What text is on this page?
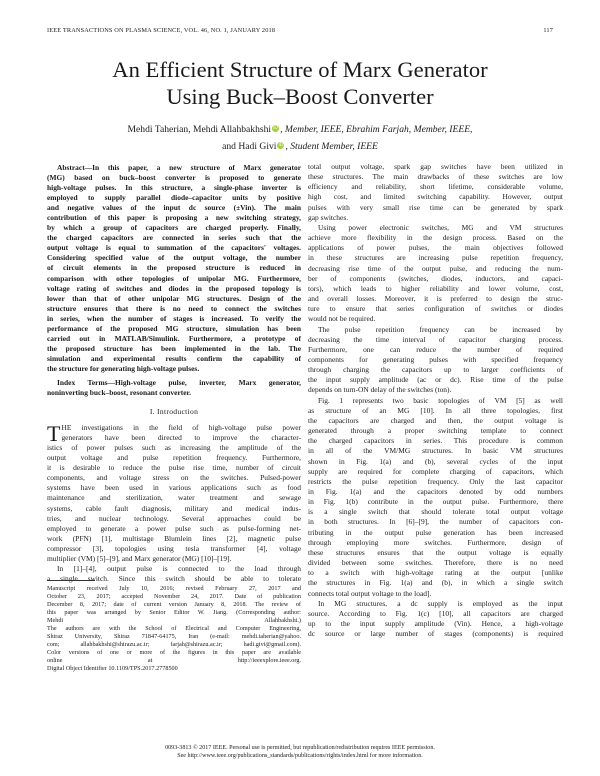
IEEE TRANSACTIONS ON PLASMA SCIENCE, VOL. 46, NO. 1, JANUARY 2018	117
An Efficient Structure of Marx Generator
Using Buck–Boost Converter
Mehdi Taherian, Mehdi Allahbakhshi iD , Member, IEEE, Ebrahim Farjah, Member, IEEE,
and Hadi Givi iD , Student Member, IEEE
Abstract—In this paper, a new structure of Marx generator
(MG) based on buck–boost converter is proposed to generate
high-voltage pulses. In this structure, a single-phase inverter is
employed to supply parallel diode–capacitor units by positive
and negative values of the input dc source (±Vin). The main
contribution of this paper is proposing a new switching strategy,
by which a group of capacitors are charged properly. Finally,
the charged capacitors are connected in series such that the
output voltage is equal to summation of the capacitors' voltages.
Considering specified value of the output voltage, the number
of circuit elements in the proposed structure is reduced in
comparison with other topologies of unipolar MG. Furthermore,
voltage rating of switches and diodes in the proposed topology is
lower than that of other unipolar MG structures. Design of the
structure ensures that there is no need to connect the switches
in series, when the number of stages is increased. To verify the
performance of the proposed MG structure, simulation has been
carried out in MATLAB/Simulink. Furthermore, a prototype of
the proposed structure has been implemented in the lab. The
simulation and experimental results confirm the capability of
the structure for generating high-voltage pulses.
Index Terms—High-voltage pulse, inverter, Marx generator,
noninverting buck–boost, resonant converter.
I. Introduction
T HE investigations in the field of high-voltage pulse power
generators have been directed to improve the character-
istics of power pulses such as increasing the amplitude of the
output voltage and pulse repetition frequency. Furthermore,
it is desirable to reduce the pulse rise time, number of circuit
components, and voltage stress on the switches. Pulsed-power
systems have been used in various applications such as food
maintenance and sterilization, water treatment and sewage
systems, cable fault diagnosis, military and medical indus-
tries, and nuclear technology. Several approaches could be
employed to generate a power pulse such as pulse-forming net-
work (PFN) [1], multistage Blumlein lines [2], magnetic pulse
compressor [3], topologies using tesla transformer [4], voltage
multiplier (VM) [5]–[9], and Marx generator (MG) [10]–[19].
In [1]–[4], output pulse is connected to the load through
a single switch. Since this switch should be able to tolerate
Manuscript received July 10, 2016; revised February 27, 2017 and
October 23, 2017; accepted November 24, 2017. Date of publication
December 8, 2017; date of current version January 8, 2018. The review of
this paper was arranged by Senior Editor W. Jiang. (Corresponding author:
Mehdi Allahbakhshi.)
The authors are with the School of Electrical and Computer Engineering,
Shiraz University, Shiraz 71847-64175, Iran (e-mail: mehdi.taherian@yahoo.
com; allahbakhshi@shirazu.ac.ir; farjah@shirazu.ac.ir; hadi.givi@gmail.com).
Color versions of one or more of the figures in this paper are available
online at http://ieeexplore.ieee.org.
Digital Object Identifier 10.1109/TPS.2017.2778500
total output voltage, spark gap switches have been utilized in
these structures. The main drawbacks of these switches are low
efficiency and reliability, short lifetime, considerable volume,
high cost, and limited switching capability. However, output
pulses with very small rise time can be generated by spark
gap switches.
Using power electronic switches, MG and VM structures
achieve more flexibility in the design process. Based on the
applications of power pulses, the main objectives followed
in these structures are increasing pulse repetition frequency,
decreasing rise time of the output pulse, and reducing the num-
ber of components (switches, diodes, inductors, and capaci-
tors), which leads to higher reliability and lower volume, cost,
and overall losses. Moreover, it is preferred to design the struc-
ture to ensure that series configuration of switches or diodes
would not be required.
The pulse repetition frequency can be increased by
decreasing the time interval of capacitor charging process.
Furthermore, one can reduce the number of required
components for generating pulses with specified frequency
through charging the capacitors up to larger coefficients of
the input supply amplitude (ac or dc). Rise time of the pulse
depends on turn-ON delay of the switches (ton).
Fig. 1 represents two basic topologies of VM [5] as well
as structure of an MG [10]. In all three topologies, first
the capacitors are charged and then, the output voltage is
generated through a proper switching template to connect
the charged capacitors in series. This procedure is common
in all of the VM/MG structures. In basic VM structures
shown in Fig. 1(a) and (b), several cycles of the input
supply are required for complete charging of capacitors, which
restricts the pulse repetition frequency. Only the last capacitor
in Fig. 1(a) and the capacitors denoted by odd numbers
in Fig. 1(b) contribute in the output pulse. Furthermore, there
is a single switch that should tolerate total output voltage
in both structures. In [6]–[9], the number of capacitors con-
tributing in the output pulse generation has been increased
through employing more switches. Furthermore, design of
these structures ensures that the output voltage is equally
divided between some switches. Therefore, there is no need
to a switch with high-voltage rating at the output [unlike
the structures in Fig. 1(a) and (b), in which a single switch
connects total output voltage to the load].
In MG structures, a dc supply is employed as the input
source. According to Fig. 1(c) [10], all capacitors are charged
up to the input supply amplitude (Vin). Hence, a high-voltage
dc source or large number of stages (components) is required
0093-3813 © 2017 IEEE. Personal use is permitted, but republication/redistribution requires IEEE permission.
See http://www.ieee.org/publications_standards/publications/rights/index.html for more information.
